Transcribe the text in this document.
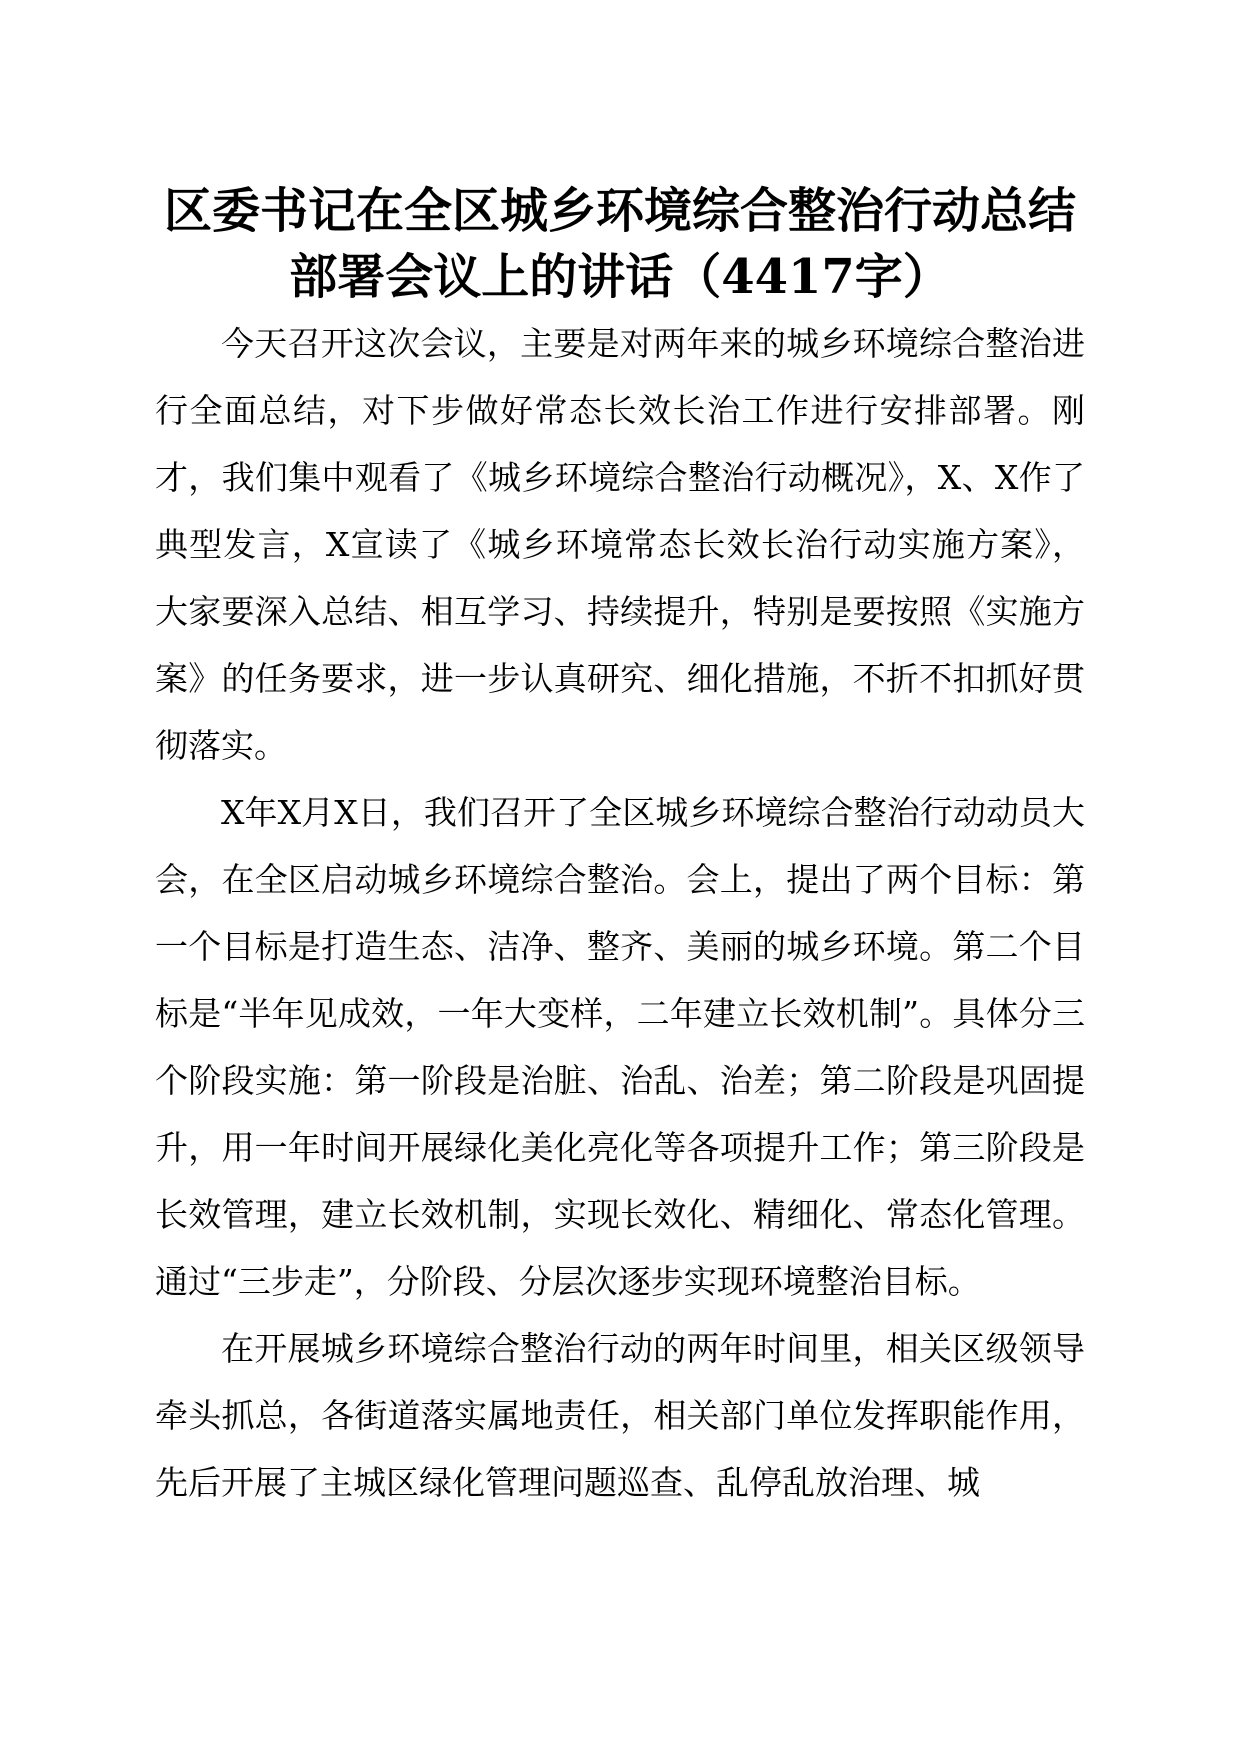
区委书记在全区城乡环境综合整治行动总结部署会议上的讲话（4417字）

今天召开这次会议，主要是对两年来的城乡环境综合整治进行全面总结，对下步做好常态长效长治工作进行安排部署。刚才，我们集中观看了《城乡环境综合整治行动概况》，X、X作了典型发言，X宣读了《城乡环境常态长效长治行动实施方案》，大家要深入总结、相互学习、持续提升，特别是要按照《实施方案》的任务要求，进一步认真研究、细化措施，不折不扣抓好贯彻落实。

X年X月X日，我们召开了全区城乡环境综合整治行动动员大会，在全区启动城乡环境综合整治。会上，提出了两个目标：第一个目标是打造生态、洁净、整齐、美丽的城乡环境。第二个目标是“半年见成效，一年大变样，二年建立长效机制”。具体分三个阶段实施：第一阶段是治脏、治乱、治差；第二阶段是巩固提升，用一年时间开展绿化美化亮化等各项提升工作；第三阶段是长效管理，建立长效机制，实现长效化、精细化、常态化管理。通过“三步走”，分阶段、分层次逐步实现环境整治目标。

在开展城乡环境综合整治行动的两年时间里，相关区级领导牵头抓总，各街道落实属地责任，相关部门单位发挥职能作用，先后开展了主城区绿化管理问题巡查、乱停乱放治理、城
